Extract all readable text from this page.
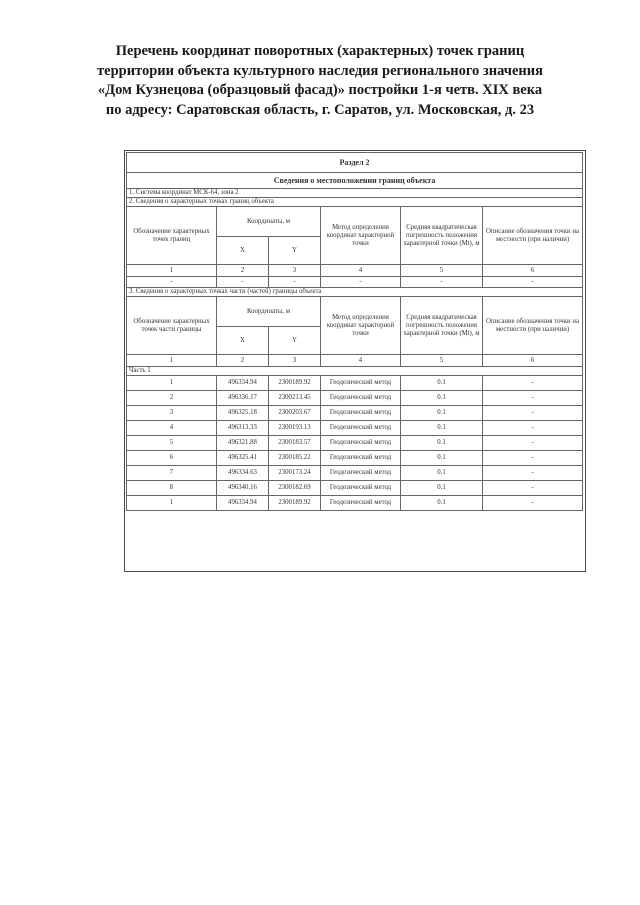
Перечень координат поворотных (характерных) точек границ
территории объекта культурного наследия регионального значения
«Дом Кузнецова (образцовый фасад)» постройки 1-я четв. XIX века
по адресу: Саратовская область, г. Саратов, ул. Московская, д. 23
Раздел 2					
Сведения о местоположении границ объекта					
1. Система координат МСК-64, зона 2					
2. Сведения о характерных точках границ объекта					
Обозначение характерных точек границ	Координаты, м		Метод определения координат характерной точки	Средняя квадратическая погрешность положения характерной точки (Mt), м	Описание обозначения точки на местности (при наличии)
	X	Y			
1	2	3	4	5	6
-	-	-	-	-	-
3. Сведения о характерных точках части (частей) границы объекта					
Обозначение характерных точек части границы	Координаты, м		Метод определения координат характерной точки	Средняя квадратическая погрешность положения характерной точки (Mt), м	Описание обозначения точки на местности (при наличии)
	X	Y			
1	2	3	4	5	6
Часть 1					
1	496334.94	2300189.92	Геодезический метод	0.1	-
2	496336.17	2300213.45	Геодезический метод	0.1	-
3	496325.18	2300203.67	Геодезический метод	0.1	-
4	496313.33	2300193.13	Геодезический метод	0.1	-
5	496321.88	2300183.57	Геодезический метод	0.1	-
6	496325.41	2300185.22	Геодезический метод	0.1	-
7	496334.63	2300173.24	Геодезический метод	0.1	-
8	496340.16	2300182.69	Геодезический метод	0.1	-
1	496334.94	2300189.92	Геодезический метод	0.1	-
